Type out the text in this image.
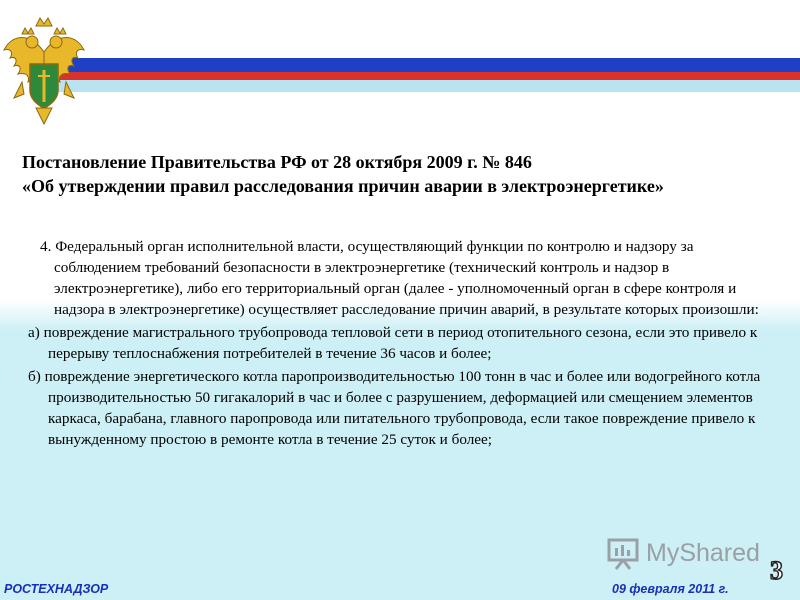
Постановление Правительства РФ от 28 октября 2009 г. № 846

«Об утверждении правил расследования причин аварии в электроэнергетике»

4. Федеральный орган исполнительной власти, осуществляющий функции по контролю и надзору за соблюдением требований безопасности в электроэнергетике (технический контроль и надзор в электроэнергетике), либо его территориальный орган (далее - уполномоченный орган в сфере контроля и надзора в электроэнергетике) осуществляет расследование причин аварий, в результате которых произошли:

а) повреждение магистрального трубопровода тепловой сети в период отопительного сезона, если это привело к перерыву теплоснабжения потребителей в течение 36 часов и более;

б) повреждение энергетического котла паропроизводительностью 100 тонн в час и более или водогрейного котла производительностью 50 гигакалорий в час и более с разрушением, деформацией или смещением элементов каркаса, барабана, главного паропровода или питательного трубопровода, если такое повреждение привело к вынужденному простою в ремонте котла в течение 25 суток и более;

MyShared
3
РОСТЕХНАДЗОР	09 февраля 2011 г.
